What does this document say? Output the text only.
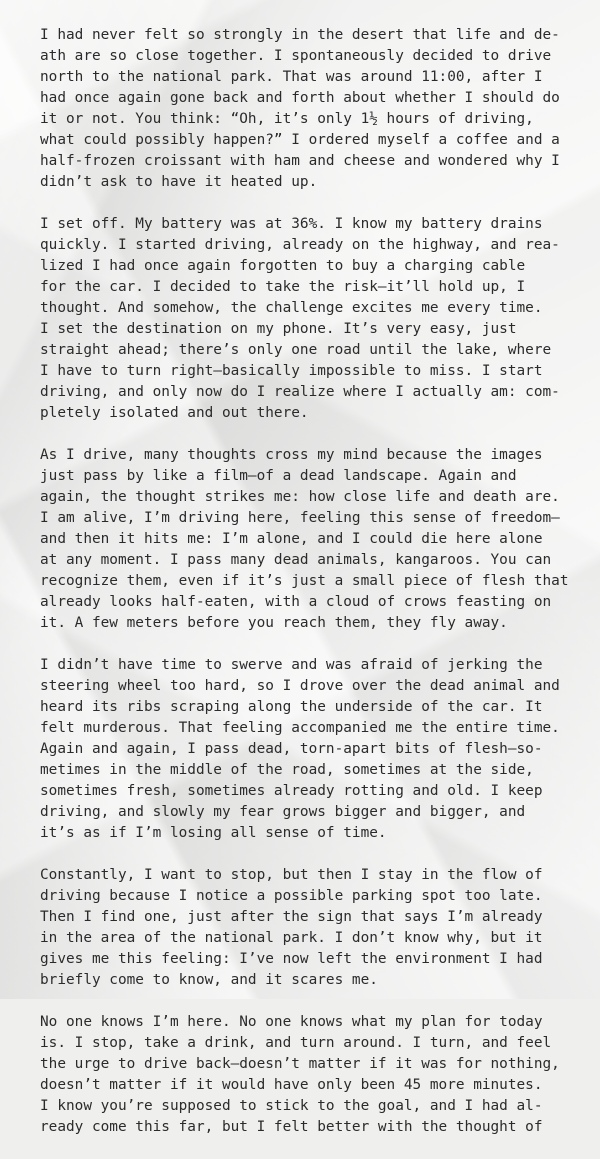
I had never felt so strongly in the desert that life and de-
ath are so close together. I spontaneously decided to drive
north to the national park. That was around 11:00, after I
had once again gone back and forth about whether I should do
it or not. You think: “Oh, it’s only 1½ hours of driving,
what could possibly happen?” I ordered myself a coffee and a
half-frozen croissant with ham and cheese and wondered why I
didn’t ask to have it heated up.
I set off. My battery was at 36%. I know my battery drains
quickly. I started driving, already on the highway, and rea-
lized I had once again forgotten to buy a charging cable
for the car. I decided to take the risk—it’ll hold up, I
thought. And somehow, the challenge excites me every time.
I set the destination on my phone. It’s very easy, just
straight ahead; there’s only one road until the lake, where
I have to turn right—basically impossible to miss. I start
driving, and only now do I realize where I actually am: com-
pletely isolated and out there.
As I drive, many thoughts cross my mind because the images
just pass by like a film—of a dead landscape. Again and
again, the thought strikes me: how close life and death are.
I am alive, I’m driving here, feeling this sense of freedom—
and then it hits me: I’m alone, and I could die here alone
at any moment. I pass many dead animals, kangaroos. You can
recognize them, even if it’s just a small piece of flesh that
already looks half-eaten, with a cloud of crows feasting on
it. A few meters before you reach them, they fly away.
I didn’t have time to swerve and was afraid of jerking the
steering wheel too hard, so I drove over the dead animal and
heard its ribs scraping along the underside of the car. It
felt murderous. That feeling accompanied me the entire time.
Again and again, I pass dead, torn-apart bits of flesh—so-
metimes in the middle of the road, sometimes at the side,
sometimes fresh, sometimes already rotting and old. I keep
driving, and slowly my fear grows bigger and bigger, and
it’s as if I’m losing all sense of time.
Constantly, I want to stop, but then I stay in the flow of
driving because I notice a possible parking spot too late.
Then I find one, just after the sign that says I’m already
in the area of the national park. I don’t know why, but it
gives me this feeling: I’ve now left the environment I had
briefly come to know, and it scares me.
No one knows I’m here. No one knows what my plan for today
is. I stop, take a drink, and turn around. I turn, and feel
the urge to drive back—doesn’t matter if it was for nothing,
doesn’t matter if it would have only been 45 more minutes.
I know you’re supposed to stick to the goal, and I had al-
ready come this far, but I felt better with the thought of
